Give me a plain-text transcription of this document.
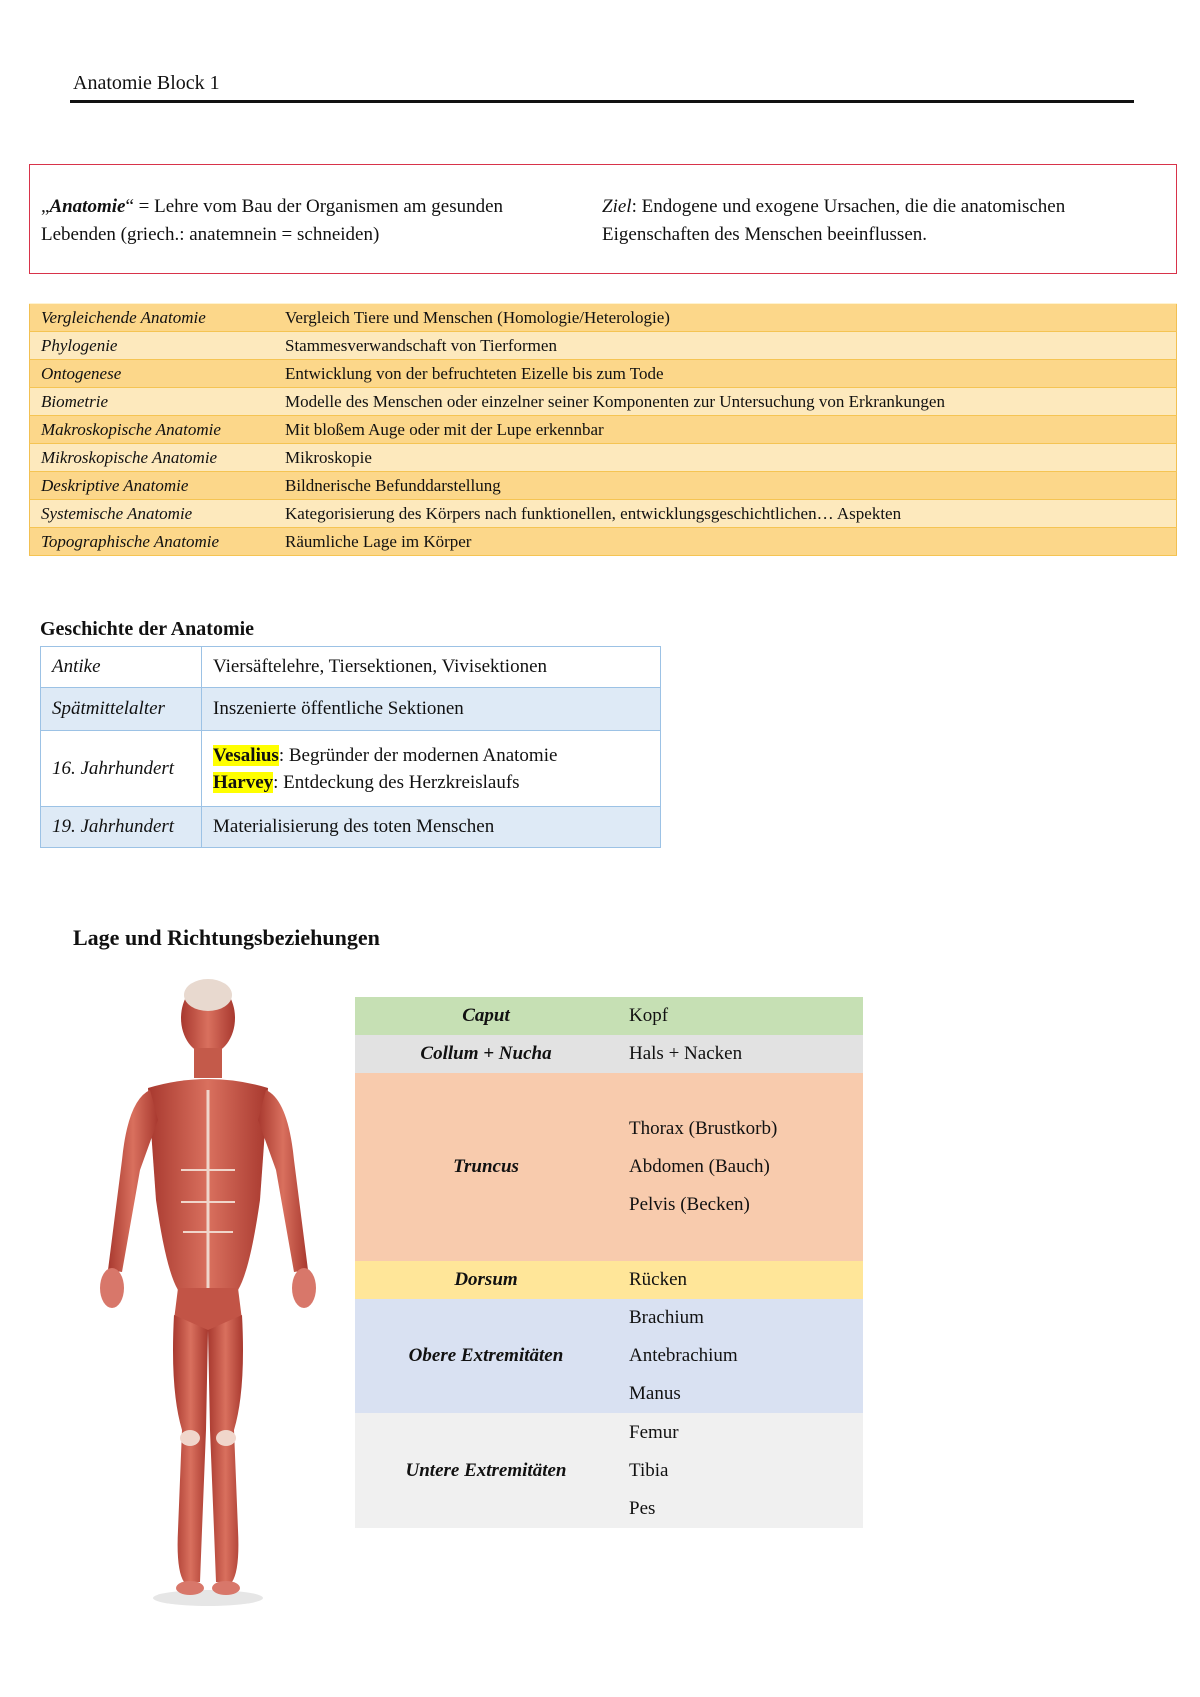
Anatomie Block 1
„Anatomie“ = Lehre vom Bau der Organismen am gesunden Lebenden (griech.: anatemnein = schneiden)
Ziel: Endogene und exogene Ursachen, die die anatomischen Eigenschaften des Menschen beeinflussen.
Vergleichende Anatomie	Vergleich Tiere und Menschen (Homologie/Heterologie)
Phylogenie	Stammesverwandschaft von Tierformen
Ontogenese	Entwicklung von der befruchteten Eizelle bis zum Tode
Biometrie	Modelle des Menschen oder einzelner seiner Komponenten zur Untersuchung von Erkrankungen
Makroskopische Anatomie	Mit bloßem Auge oder mit der Lupe erkennbar
Mikroskopische Anatomie	Mikroskopie
Deskriptive Anatomie	Bildnerische Befunddarstellung
Systemische Anatomie	Kategorisierung des Körpers nach funktionellen, entwicklungsgeschichtlichen… Aspekten
Topographische Anatomie	Räumliche Lage im Körper
Geschichte der Anatomie
Antike	Viersäftelehre, Tiersektionen, Vivisektionen
Spätmittelalter	Inszenierte öffentliche Sektionen
16. Jahrhundert	Vesalius: Begründer der modernen Anatomie
Harvey: Entdeckung des Herzkreislaufs

19. Jahrhundert	Materialisierung des toten Menschen
Lage und Richtungsbeziehungen
Caput	Kopf

Collum + Nucha	Hals + Nacken

Truncus	Thorax (Brustkorb)
Abdomen (Bauch)
Pelvis (Becken)

Dorsum	Rücken

Obere Extremitäten	Brachium
Antebrachium
Manus

Untere Extremitäten	Femur
Tibia
Pes
